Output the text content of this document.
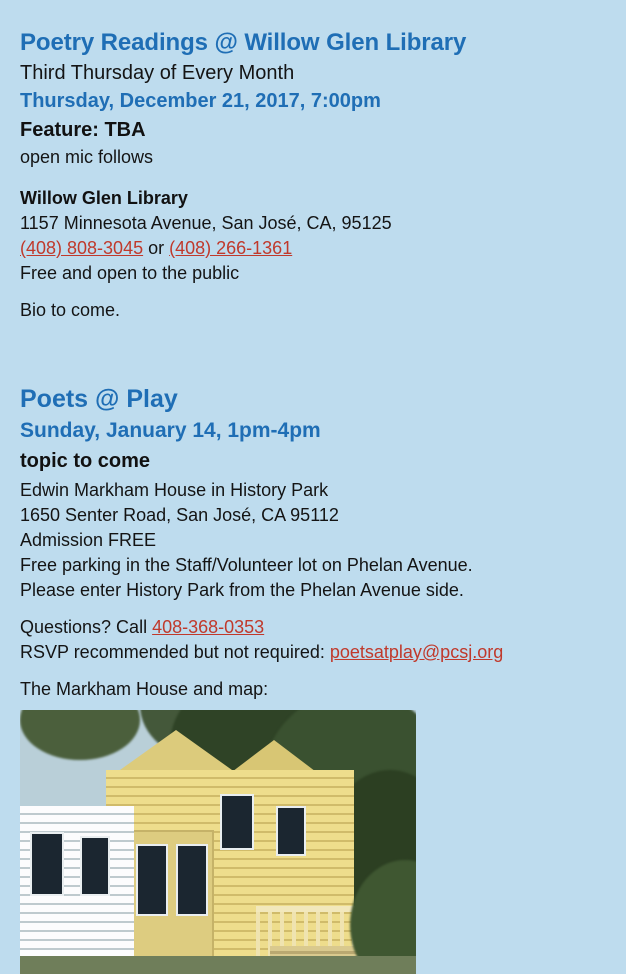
Poetry Readings @ Willow Glen Library

Third Thursday of Every Month

Thursday, December 21, 2017, 7:00pm

Feature: TBA

open mic follows

Willow Glen Library

1157 Minnesota Avenue, San José, CA, 95125

(408) 808-3045 or (408) 266-1361

Free and open to the public

Bio to come.

Poets @ Play

Sunday, January 14, 1pm-4pm

topic to come

Edwin Markham House in History Park

1650 Senter Road, San José, CA 95112

Admission FREE

Free parking in the Staff/Volunteer lot on Phelan Avenue.

Please enter History Park from the Phelan Avenue side.

Questions? Call 408-368-0353

RSVP recommended but not required: poetsatplay@pcsj.org

The Markham House and map:
